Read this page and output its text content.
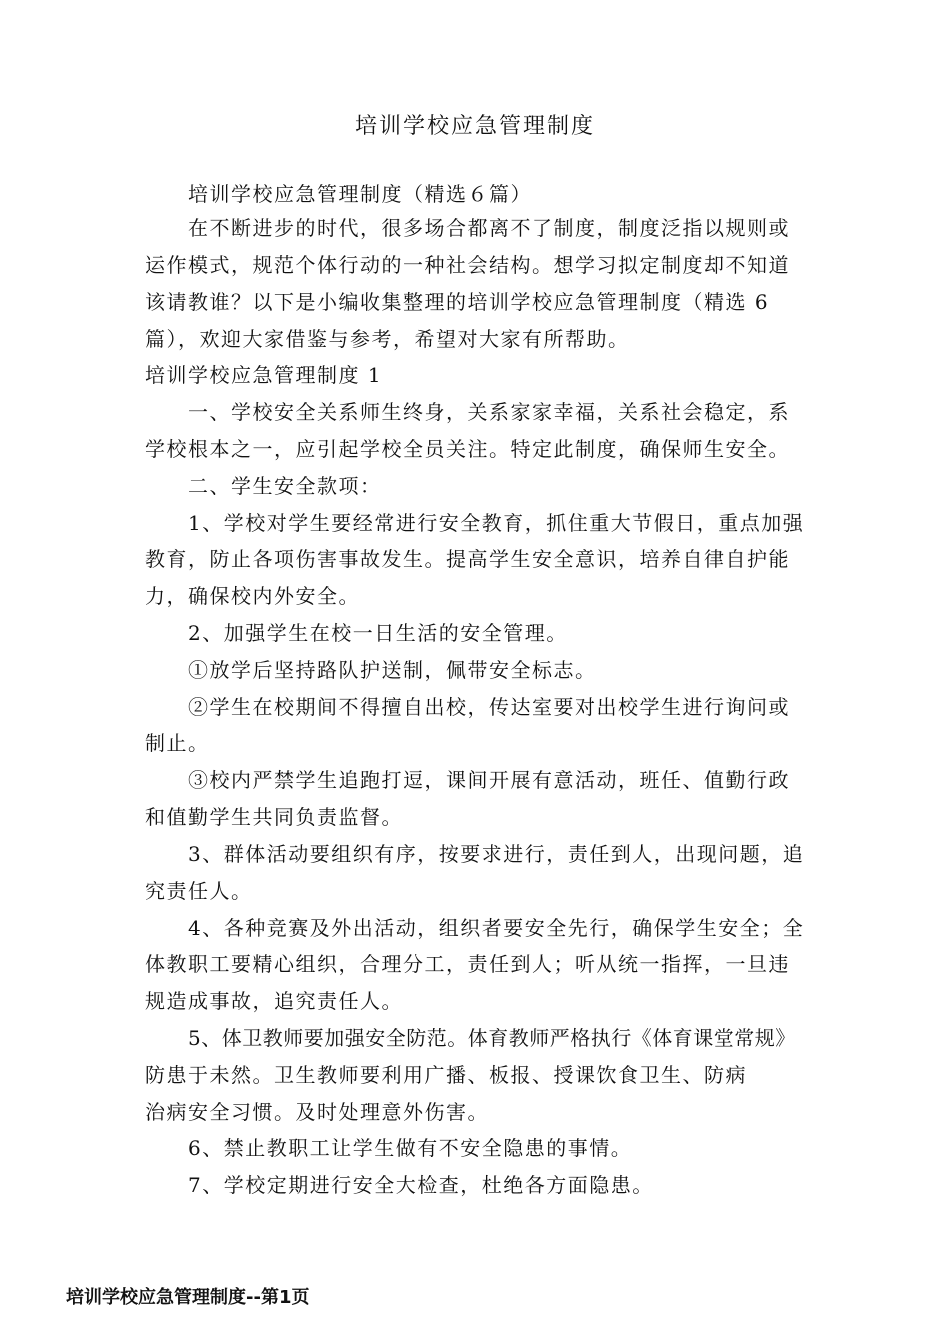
培训学校应急管理制度
培训学校应急管理制度（精选６篇）
在不断进步的时代，很多场合都离不了制度，制度泛指以规则或
运作模式，规范个体行动的一种社会结构。想学习拟定制度却不知道
该请教谁？以下是小编收集整理的培训学校应急管理制度（精选 6
篇），欢迎大家借鉴与参考，希望对大家有所帮助。
培训学校应急管理制度 1
一、学校安全关系师生终身，关系家家幸福，关系社会稳定，系
学校根本之一，应引起学校全员关注。特定此制度，确保师生安全。
二、学生安全款项：
1、学校对学生要经常进行安全教育，抓住重大节假日，重点加强
教育，防止各项伤害事故发生。提高学生安全意识，培养自律自护能
力，确保校内外安全。
2、加强学生在校一日生活的安全管理。
①放学后坚持路队护送制，佩带安全标志。
②学生在校期间不得擅自出校，传达室要对出校学生进行询问或
制止。
③校内严禁学生追跑打逗，课间开展有意活动，班任、值勤行政
和值勤学生共同负责监督。
3、群体活动要组织有序，按要求进行，责任到人，出现问题，追
究责任人。
4、各种竞赛及外出活动，组织者要安全先行，确保学生安全；全
体教职工要精心组织，合理分工，责任到人；听从统一指挥，一旦违
规造成事故，追究责任人。
5、体卫教师要加强安全防范。体育教师严格执行《体育课堂常规》
防患于未然。卫生教师要利用广播、板报、授课饮食卫生、防病
治病安全习惯。及时处理意外伤害。
6、禁止教职工让学生做有不安全隐患的事情。
7、学校定期进行安全大检查，杜绝各方面隐患。
培训学校应急管理制度--第1页
